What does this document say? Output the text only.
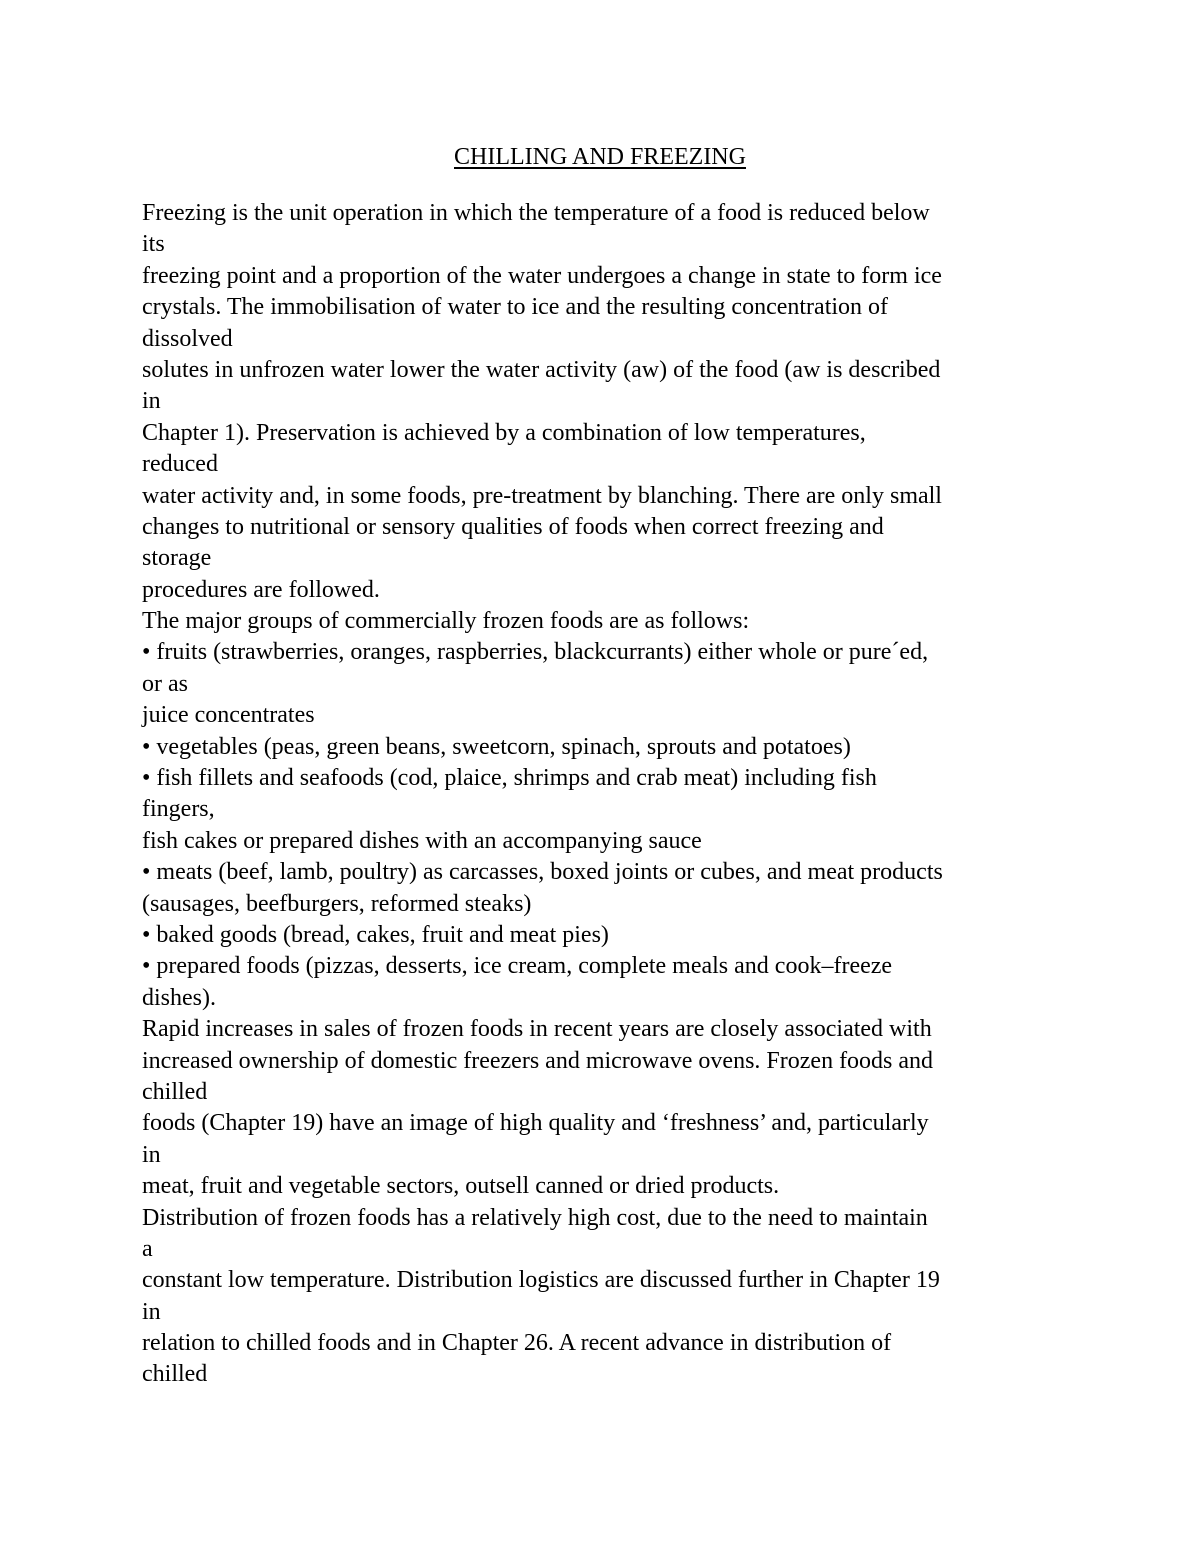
CHILLING AND FREEZING
Freezing is the unit operation in which the temperature of a food is reduced below
its
freezing point and a proportion of the water undergoes a change in state to form ice
crystals. The immobilisation of water to ice and the resulting concentration of
dissolved
solutes in unfrozen water lower the water activity (aw) of the food (aw is described
in
Chapter 1). Preservation is achieved by a combination of low temperatures,
reduced
water activity and, in some foods, pre-treatment by blanching. There are only small
changes to nutritional or sensory qualities of foods when correct freezing and
storage
procedures are followed.
The major groups of commercially frozen foods are as follows:
• fruits (strawberries, oranges, raspberries, blackcurrants) either whole or pure´ed,
or as
juice concentrates
• vegetables (peas, green beans, sweetcorn, spinach, sprouts and potatoes)
• fish fillets and seafoods (cod, plaice, shrimps and crab meat) including fish
fingers,
fish cakes or prepared dishes with an accompanying sauce
• meats (beef, lamb, poultry) as carcasses, boxed joints or cubes, and meat products
(sausages, beefburgers, reformed steaks)
• baked goods (bread, cakes, fruit and meat pies)
• prepared foods (pizzas, desserts, ice cream, complete meals and cook–freeze
dishes).
Rapid increases in sales of frozen foods in recent years are closely associated with
increased ownership of domestic freezers and microwave ovens. Frozen foods and
chilled
foods (Chapter 19) have an image of high quality and ‘freshness’ and, particularly
in
meat, fruit and vegetable sectors, outsell canned or dried products.
Distribution of frozen foods has a relatively high cost, due to the need to maintain
a
constant low temperature. Distribution logistics are discussed further in Chapter 19
in
relation to chilled foods and in Chapter 26. A recent advance in distribution of
chilled
